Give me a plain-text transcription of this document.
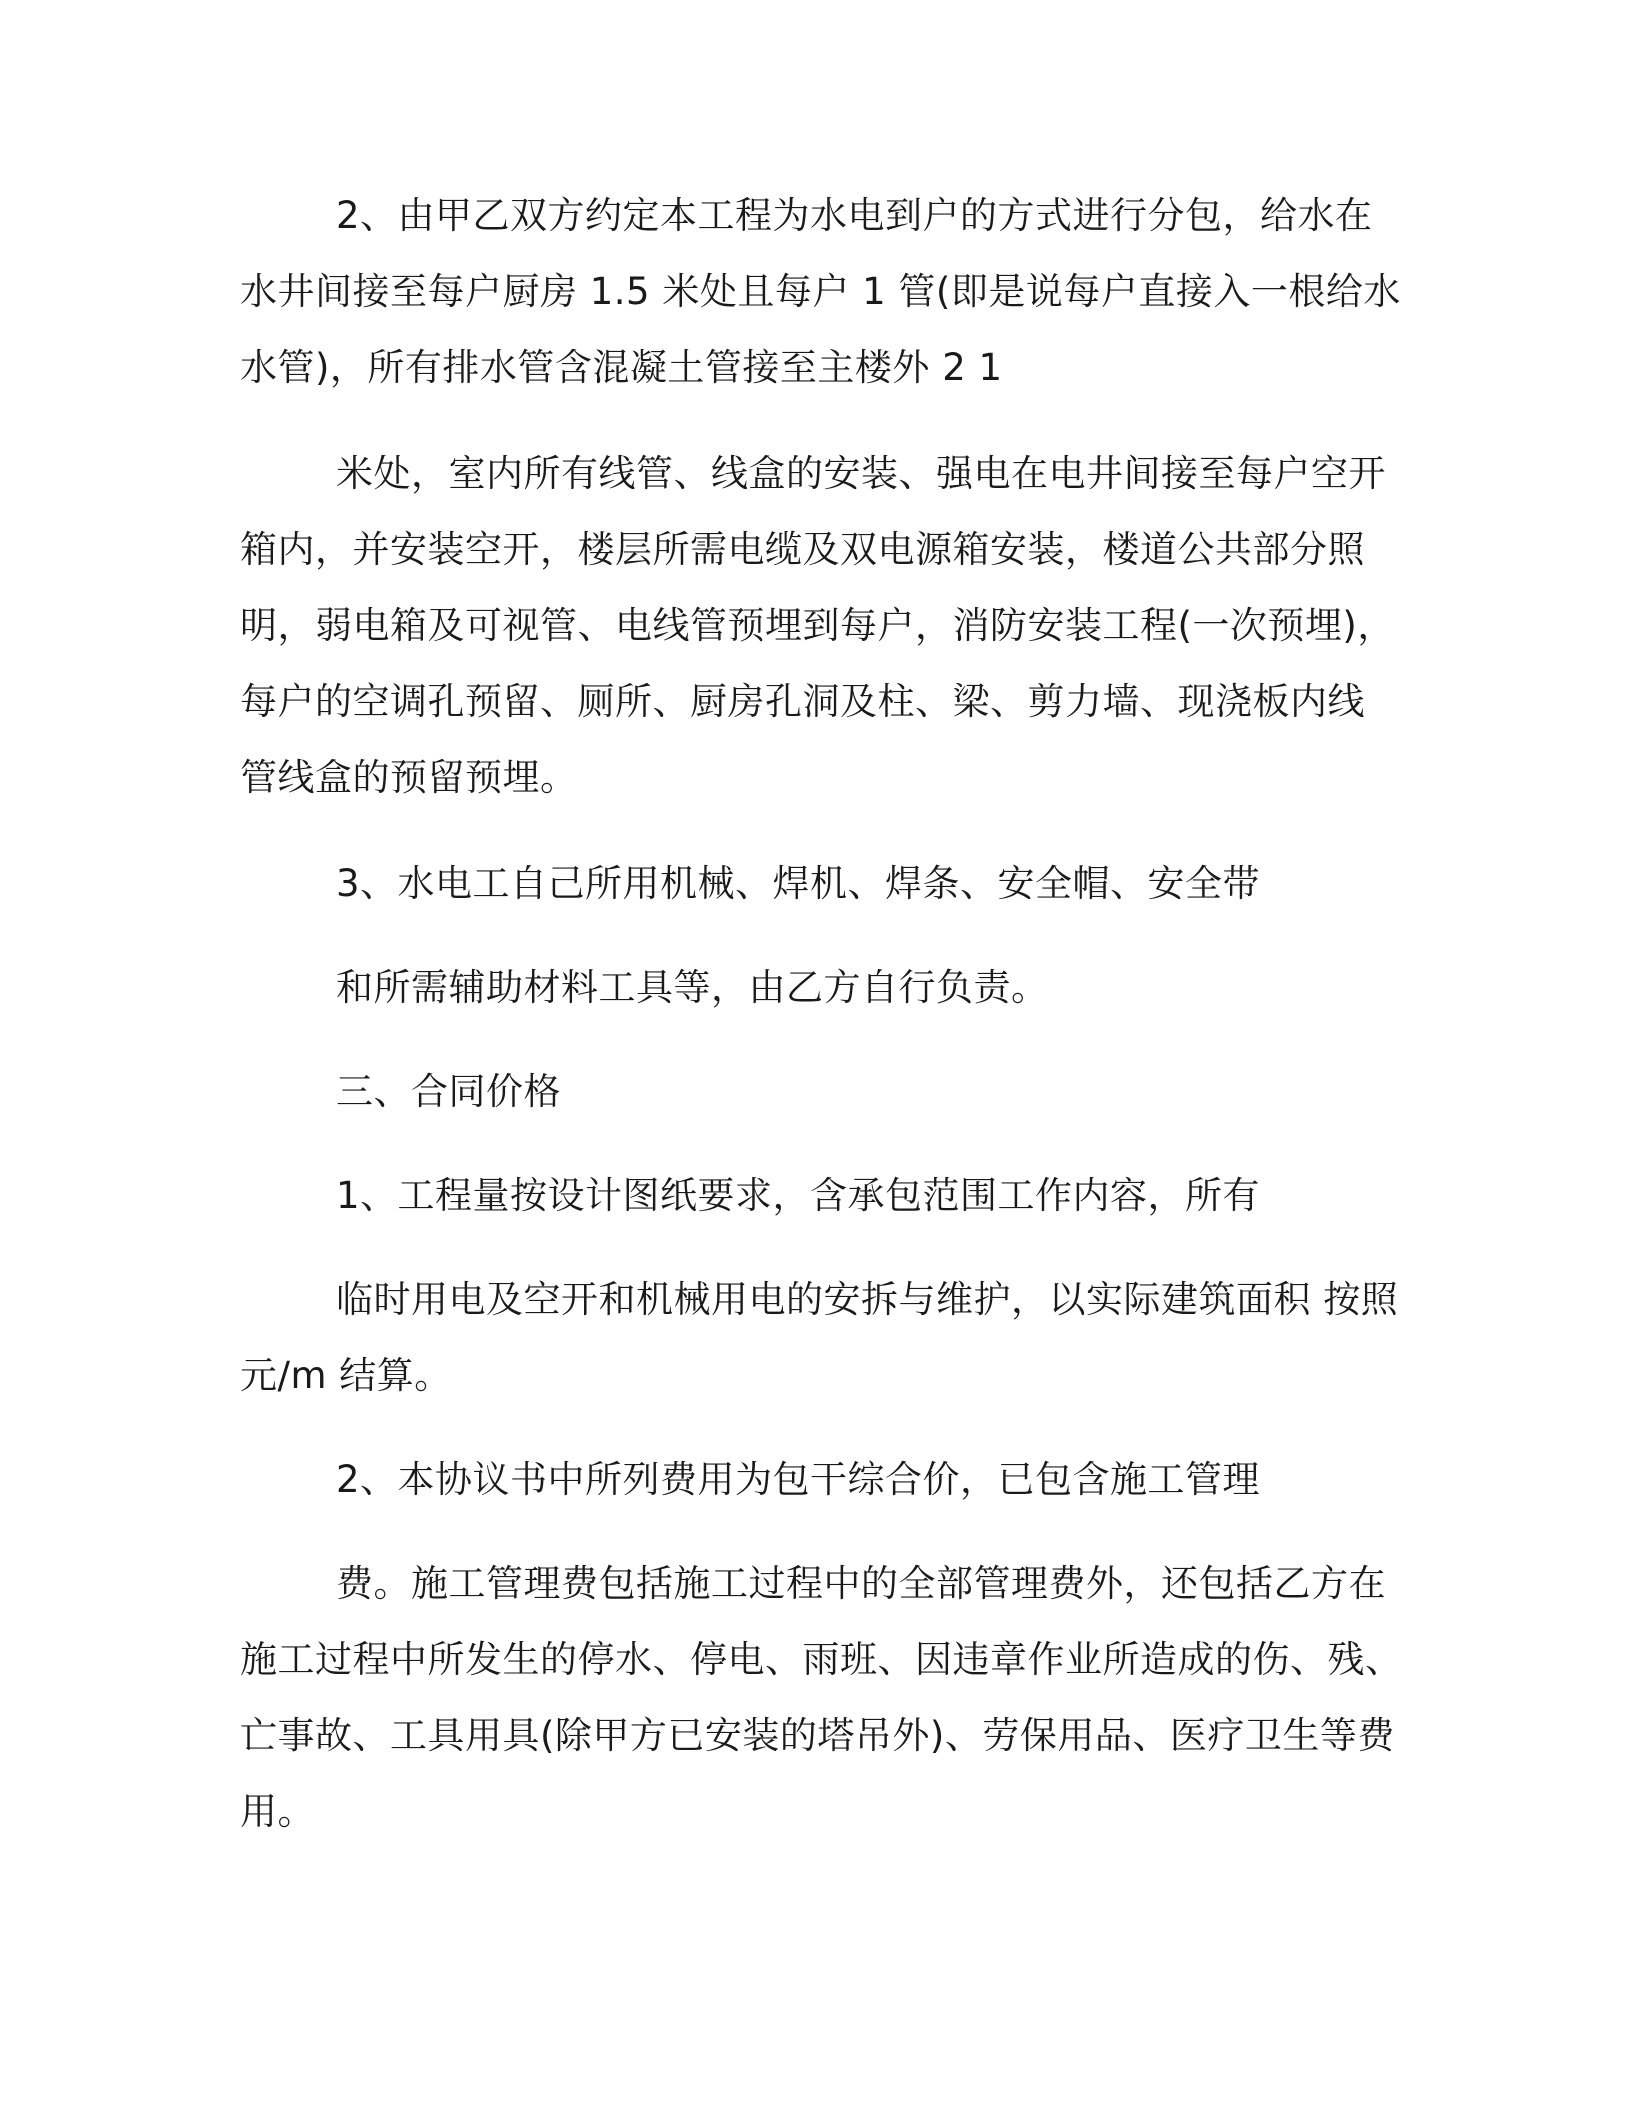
2、由甲乙双方约定本工程为水电到户的方式进行分包，给水在
水井间接至每户厨房 1.5 米处且每户 1 管(即是说每户直接入一根给水
水管)，所有排水管含混凝土管接至主楼外 2 1
米处，室内所有线管、线盒的安装、强电在电井间接至每户空开
箱内，并安装空开，楼层所需电缆及双电源箱安装，楼道公共部分照
明，弱电箱及可视管、电线管预埋到每户，消防安装工程(一次预埋)，
每户的空调孔预留、厕所、厨房孔洞及柱、梁、剪力墙、现浇板内线
管线盒的预留预埋。
3、水电工自己所用机械、焊机、焊条、安全帽、安全带
和所需辅助材料工具等，由乙方自行负责。
三、合同价格
1、工程量按设计图纸要求，含承包范围工作内容，所有
临时用电及空开和机械用电的安拆与维护，以实际建筑面积 按照
元/m 结算。
2、本协议书中所列费用为包干综合价，已包含施工管理
费。施工管理费包括施工过程中的全部管理费外，还包括乙方在
施工过程中所发生的停水、停电、雨班、因违章作业所造成的伤、残、
亡事故、工具用具(除甲方已安装的塔吊外)、劳保用品、医疗卫生等费
用。
